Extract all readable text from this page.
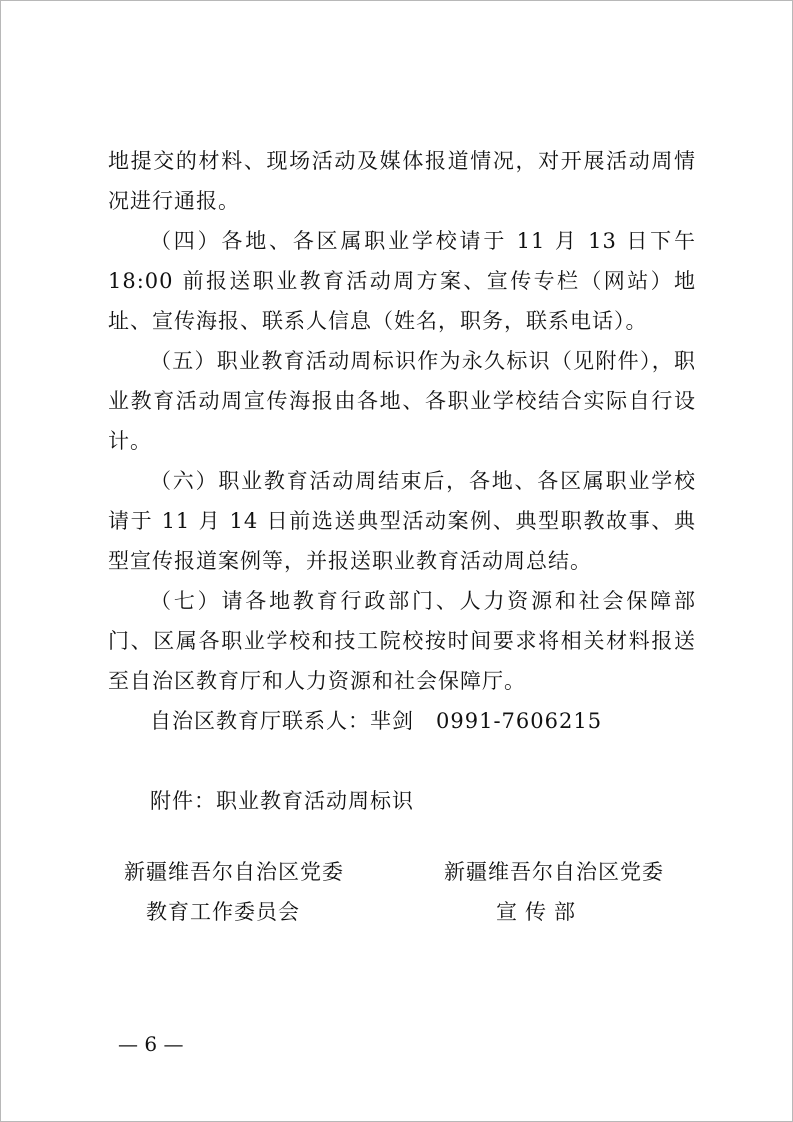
地提交的材料、现场活动及媒体报道情况，对开展活动周情况进行通报。

（四）各地、各区属职业学校请于 11 月 13 日下午 18:00 前报送职业教育活动周方案、宣传专栏（网站）地址、宣传海报、联系人信息（姓名，职务，联系电话）。

（五）职业教育活动周标识作为永久标识（见附件），职业教育活动周宣传海报由各地、各职业学校结合实际自行设计。

（六）职业教育活动周结束后，各地、各区属职业学校请于 11 月 14 日前选送典型活动案例、典型职教故事、典型宣传报道案例等，并报送职业教育活动周总结。

（七）请各地教育行政部门、人力资源和社会保障部门、区属各职业学校和技工院校按时间要求将相关材料报送至自治区教育厅和人力资源和社会保障厅。

自治区教育厅联系人：芈剑　0991-7606215

附件：职业教育活动周标识

新疆维吾尔自治区党委
教育工作委员会
新疆维吾尔自治区党委
宣传部
— 6 —
